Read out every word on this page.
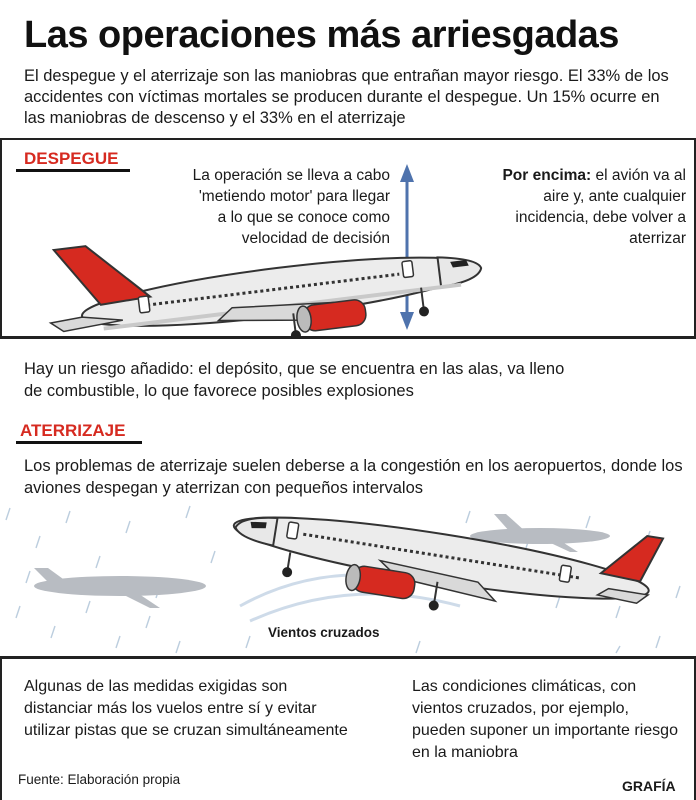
Las operaciones más arriesgadas
El despegue y el aterrizaje son las maniobras que entrañan mayor riesgo. El 33% de los accidentes con víctimas mortales se producen durante el despegue. Un 15% ocurre en las maniobras de descenso y el 33% en el aterrizaje
DESPEGUE
La operación se lleva a cabo 'metiendo motor' para llegar a lo que se conoce como velocidad de decisión
Por encima: el avión va al aire y, ante cualquier incidencia, debe volver a aterrizar
Hay un riesgo añadido: el depósito, que se encuentra en las alas, va lleno de combustible, lo que favorece posibles explosiones
ATERRIZAJE
Los problemas de aterrizaje suelen deberse a la congestión en los aeropuertos, donde los aviones despegan y aterrizan con pequeños intervalos
Vientos cruzados
Algunas de las medidas exigidas son distanciar más los vuelos entre sí y evitar utilizar pistas que se cruzan simultáneamente
Las condiciones climáticas, con vientos cruzados, por ejemplo, pueden suponer un importante riesgo en la maniobra
Fuente: Elaboración propia	GRAFÍA
